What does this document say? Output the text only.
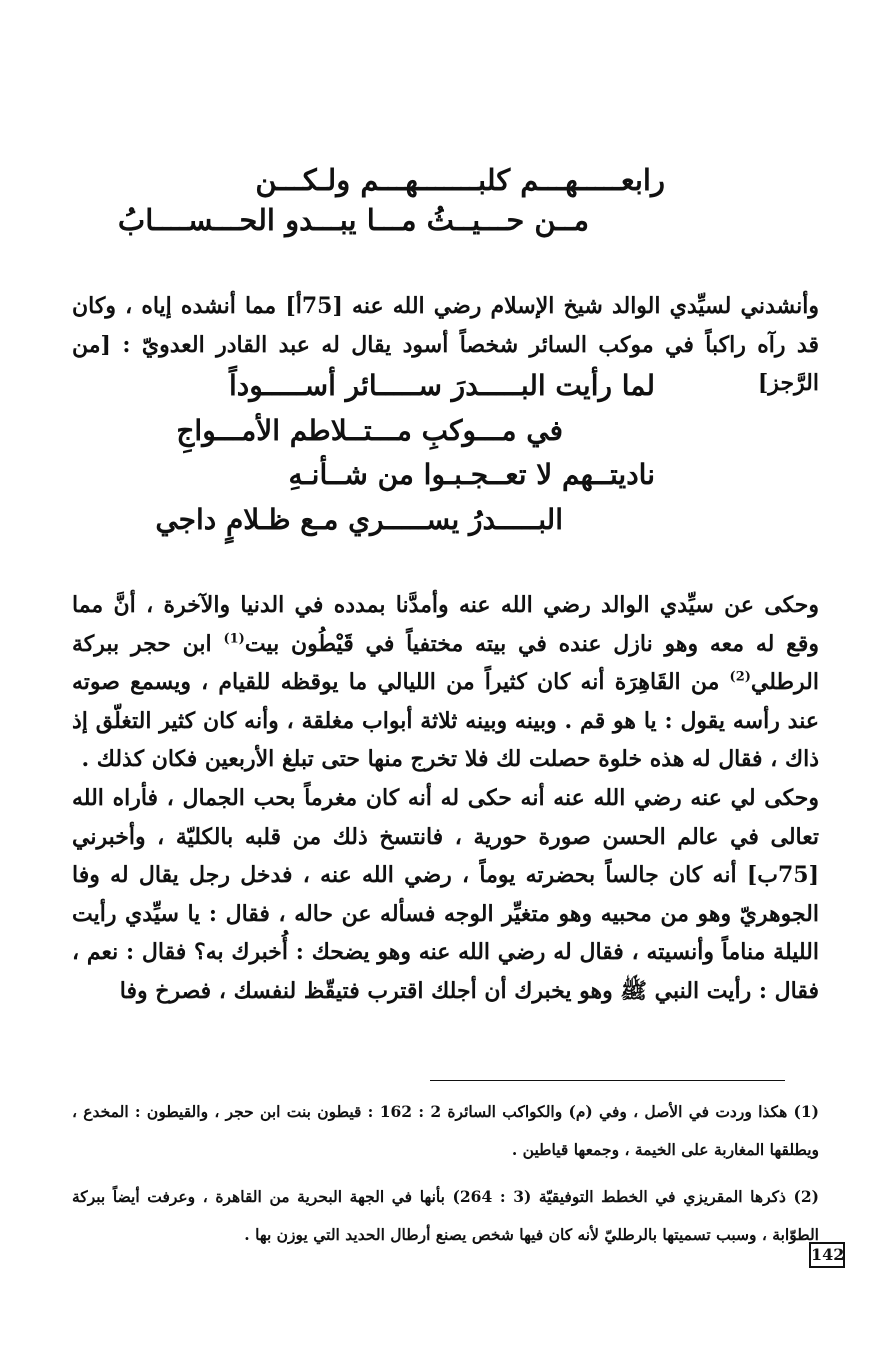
رابعـــــهـــم كلبـــــــهـــم ولـكـــن
مــن حـــيــثُ مـــا يبـــدو الحـــســــابُ
وأنشدني لسيِّدي الوالد شيخ الإسلام رضي الله عنه [75أ] مما أنشده إياه ، وكان قد رآه راكباً في موكب السائر شخصاً أسود يقال له عبد القادر العدويّ : [من الرَّجز]
لما رأيت البـــــدرَ ســـــائر أســـــوداً
في مـــوكبِ مـــتــلاطم الأمـــواجِ
ناديتــهم لا تعــجـبـوا من شــأنـهِ
البـــــدرُ يســـــري مـع ظـلامٍ داجي
وحكى عن سيِّدي الوالد رضي الله عنه وأمدَّنا بمدده في الدنيا والآخرة ، أنَّ مما وقع له معه وهو نازل عنده في بيته مختفياً في قَيْطُون بيت$^{(1)}$ ابن حجر ببركة الرطلي$^{(2)}$ من القَاهِرَة أنه كان كثيراً من الليالي ما يوقظه للقيام ، ويسمع صوته عند رأسه يقول : يا هو قم . وبينه وبينه ثلاثة أبواب مغلقة ، وأنه كان كثير التغلّق إذ ذاك ، فقال له هذه خلوة حصلت لك فلا تخرج منها حتى تبلغ الأربعين فكان كذلك .
وحكى لي عنه رضي الله عنه أنه حكى له أنه كان مغرماً بحب الجمال ، فأراه الله تعالى في عالم الحسن صورة حورية ، فانتسخ ذلك من قلبه بالكليّة ، وأخبرني [75ب] أنه كان جالساً بحضرته يوماً ، رضي الله عنه ، فدخل رجل يقال له وفا الجوهريّ وهو من محبيه وهو متغيِّر الوجه فسأله عن حاله ، فقال : يا سيِّدي رأيت الليلة مناماً وأنسيته ، فقال له رضي الله عنه وهو يضحك : أُخبرك به؟ فقال : نعم ، فقال : رأيت النبي ﷺ وهو يخبرك أن أجلك اقترب فتيقّظ لنفسك ، فصرخ وفا
(1) هكذا وردت في الأصل ، وفي (م) والكواكب السائرة 2 : 162 : قيطون بنت ابن حجر ، والقيطون : المخدع ، ويطلقها المغاربة على الخيمة ، وجمعها قياطين .
(2) ذكرها المقريزي في الخطط التوفيقيّة (3 : 264) بأنها في الجهة البحرية من القاهرة ، وعرفت أيضاً ببركة الطوّابة ، وسبب تسميتها بالرطليّ لأنه كان فيها شخص يصنع أرطال الحديد التي يوزن بها .
142
